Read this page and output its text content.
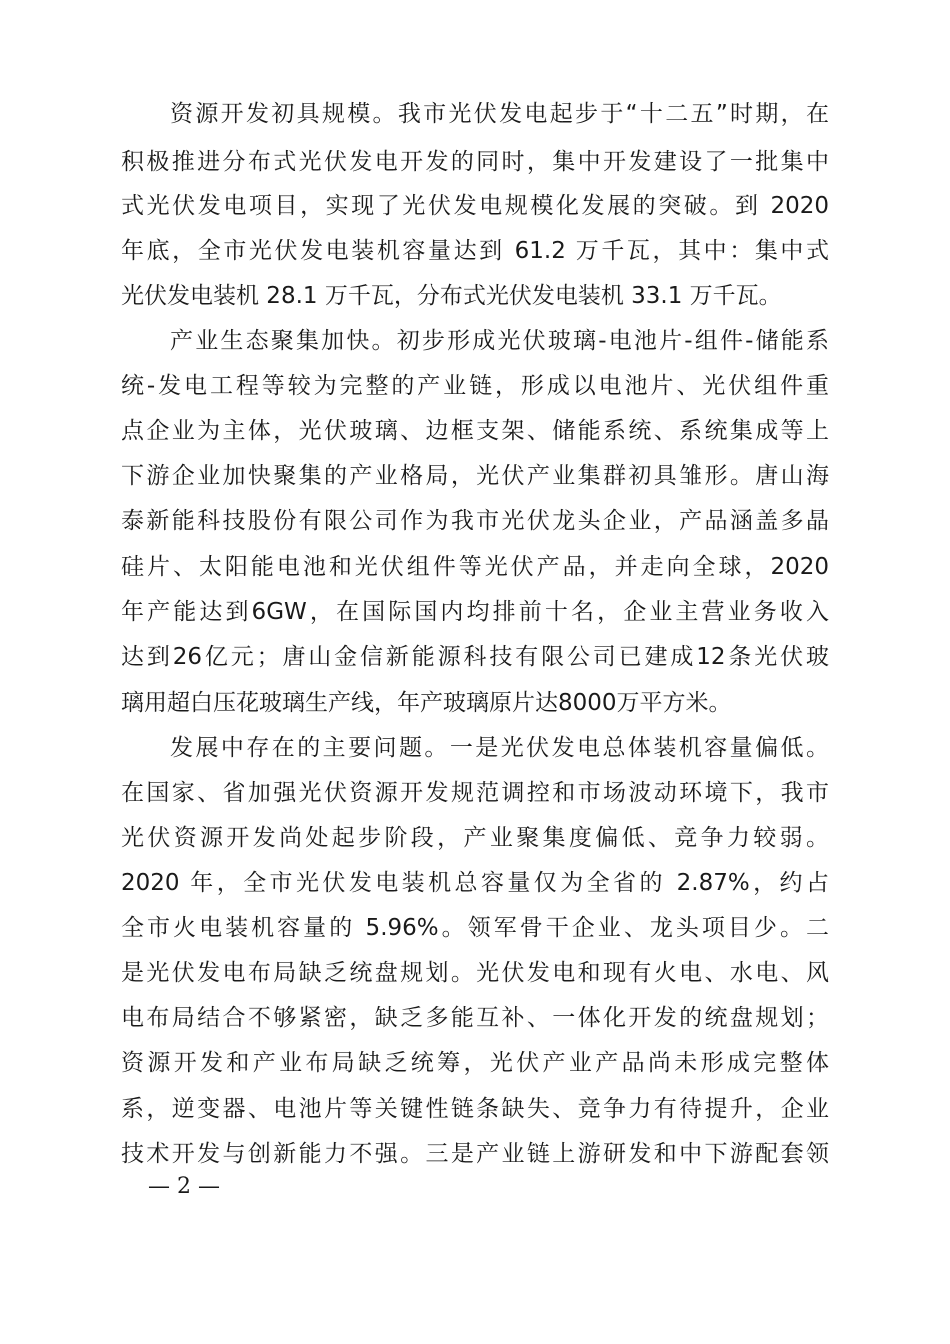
资源开发初具规模。我市光伏发电起步于“十二五”时期，在
积极推进分布式光伏发电开发的同时，集中开发建设了一批集中
式光伏发电项目，实现了光伏发电规模化发展的突破。到 2020
年底，全市光伏发电装机容量达到 61.2 万千瓦，其中：集中式
光伏发电装机 28.1 万千瓦，分布式光伏发电装机 33.1 万千瓦。
产业生态聚集加快。初步形成光伏玻璃-电池片-组件-储能系
统-发电工程等较为完整的产业链，形成以电池片、光伏组件重
点企业为主体，光伏玻璃、边框支架、储能系统、系统集成等上
下游企业加快聚集的产业格局，光伏产业集群初具雏形。唐山海
泰新能科技股份有限公司作为我市光伏龙头企业，产品涵盖多晶
硅片、太阳能电池和光伏组件等光伏产品，并走向全球，2020
年产能达到6GW，在国际国内均排前十名，企业主营业务收入
达到26亿元；唐山金信新能源科技有限公司已建成12条光伏玻
璃用超白压花玻璃生产线，年产玻璃原片达8000万平方米。
发展中存在的主要问题。一是光伏发电总体装机容量偏低。
在国家、省加强光伏资源开发规范调控和市场波动环境下，我市
光伏资源开发尚处起步阶段，产业聚集度偏低、竞争力较弱。
2020 年，全市光伏发电装机总容量仅为全省的 2.87%，约占
全市火电装机容量的 5.96%。领军骨干企业、龙头项目少。二
是光伏发电布局缺乏统盘规划。光伏发电和现有火电、水电、风
电布局结合不够紧密，缺乏多能互补、一体化开发的统盘规划；
资源开发和产业布局缺乏统筹，光伏产业产品尚未形成完整体
系，逆变器、电池片等关键性链条缺失、竞争力有待提升，企业
技术开发与创新能力不强。三是产业链上游研发和中下游配套领
— 2 —
